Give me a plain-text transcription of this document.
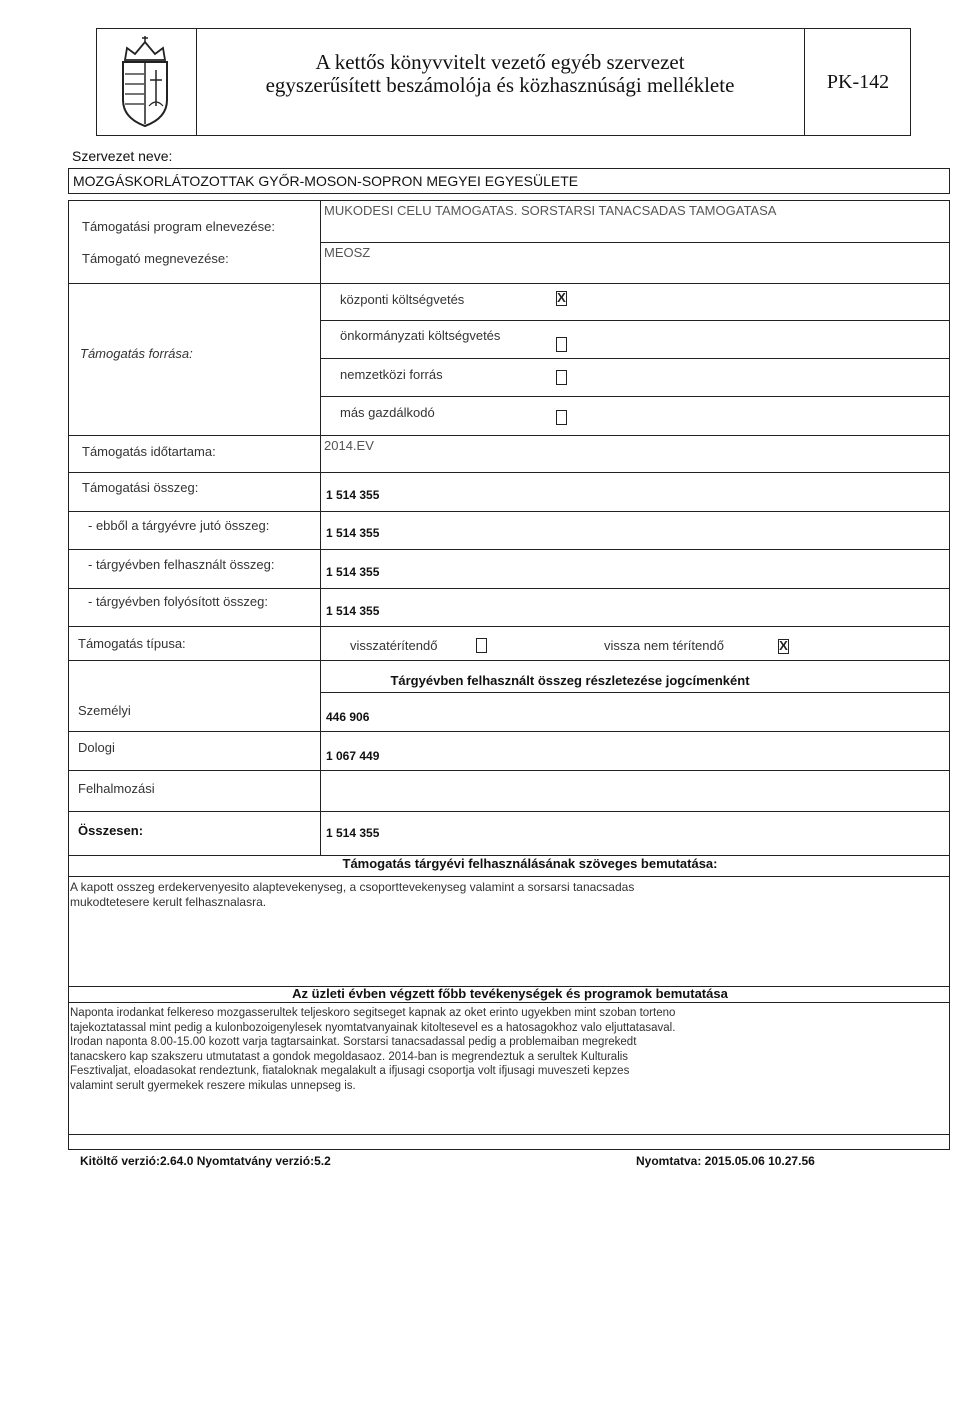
A kettős könyvvitelt vezető egyéb szervezet
egyszerűsített beszámolója és közhasznúsági melléklete	PK-142
Szervezet neve:
MOZGÁSKORLÁTOZOTTAK GYŐR-MOSON-SOPRON MEGYEI EGYESÜLETE
Támogatási program elnevezése:
MUKODESI CELU TAMOGATAS. SORSTARSI TANACSADAS TAMOGATASA
Támogató megnevezése:	MEOSZ
Támogatás forrása:
központi költségvetés	X
önkormányzati költségvetés
nemzetközi forrás
más gazdálkodó
Támogatás időtartama:	2014.EV
Támogatási összeg:	1 514 355
- ebből a tárgyévre jutó összeg:	1 514 355
- tárgyévben felhasznált összeg:	1 514 355
- tárgyévben folyósított összeg:
1 514 355
Támogatás típusa:	visszatérítendő	vissza nem térítendő	X
Tárgyévben felhasznált összeg részletezése jogcímenként
Személyi	446 906
Dologi
1 067 449
Felhalmozási
Összesen:	1 514 355
Támogatás tárgyévi felhasználásának szöveges bemutatása:
A kapott osszeg erdekervenyesito alaptevekenyseg, a csoporttevekenyseg valamint a sorsarsi tanacsadas
mukodtetesere kerult felhasznalasra.
Az üzleti évben végzett főbb tevékenységek és programok bemutatása
Naponta irodankat felkereso mozgasserultek teljeskoro segitseget kapnak az oket erinto ugyekben mint szoban torteno
tajekoztatassal mint pedig a kulonbozoigenylesek nyomtatvanyainak kitoltesevel es a hatosagokhoz valo eljuttatasaval.
Irodan naponta 8.00-15.00 kozott varja tagtarsainkat. Sorstarsi tanacsadassal pedig a problemaiban megrekedt
tanacskero kap szakszeru utmutatast a gondok megoldasaoz. 2014-ban is megrendeztuk a serultek Kulturalis
Fesztivaljat, eloadasokat rendeztunk, fiataloknak megalakult a ifjusagi csoportja volt ifjusagi muveszeti kepzes
valamint serult gyermekek reszere mikulas unnepseg is.
Kitöltő verzió:2.64.0 Nyomtatvány verzió:5.2	Nyomtatva: 2015.05.06 10.27.56
